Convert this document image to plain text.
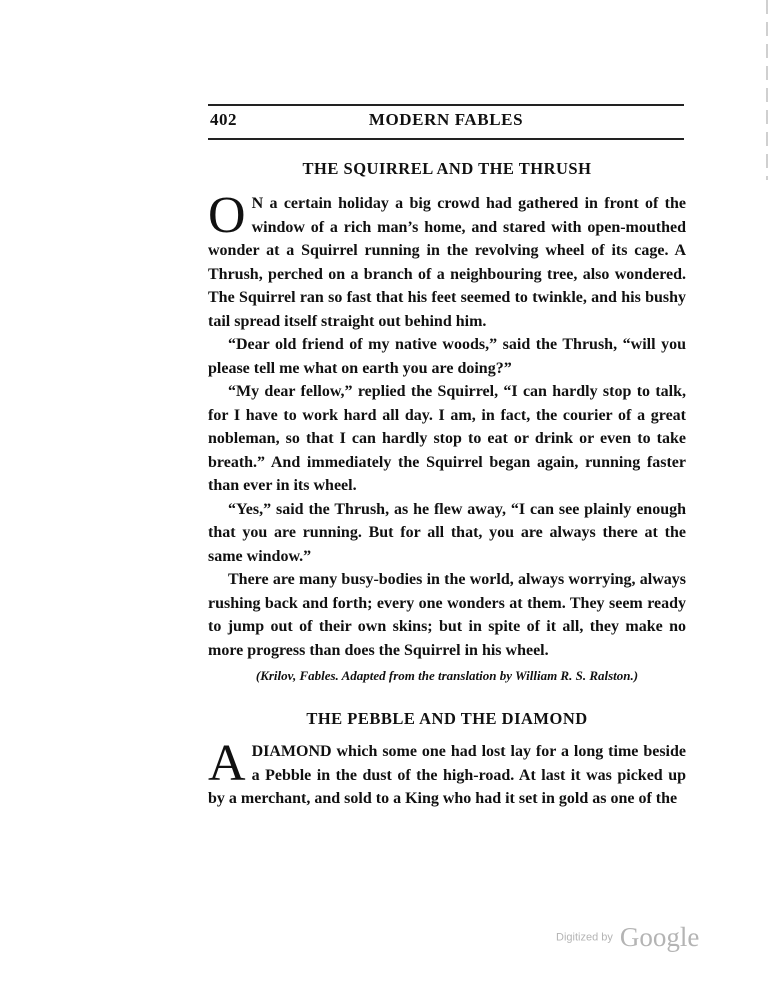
402	MODERN FABLES
THE SQUIRREL AND THE THRUSH

O N a certain holiday a big crowd had gathered in front of the window of a rich man’s home, and stared with open-mouthed wonder at a Squirrel running in the revolving wheel of its cage. A Thrush, perched on a branch of a neighbouring tree, also wondered. The Squirrel ran so fast that his feet seemed to twinkle, and his bushy tail spread itself straight out behind him.

“Dear old friend of my native woods,” said the Thrush, “will you please tell me what on earth you are doing?”

“My dear fellow,” replied the Squirrel, “I can hardly stop to talk, for I have to work hard all day. I am, in fact, the courier of a great nobleman, so that I can hardly stop to eat or drink or even to take breath.” And immediately the Squirrel began again, running faster than ever in its wheel.

“Yes,” said the Thrush, as he flew away, “I can see plainly enough that you are running. But for all that, you are always there at the same window.”

There are many busy-bodies in the world, always worrying, always rushing back and forth; every one wonders at them. They seem ready to jump out of their own skins; but in spite of it all, they make no more progress than does the Squirrel in his wheel.

(Krilov, Fables. Adapted from the translation by William R. S. Ralston.)
THE PEBBLE AND THE DIAMOND

ADIAMOND which some one had lost lay for a long time beside a Pebble in the dust of the high-road. At last it was picked up by a merchant, and sold to a King who had it set in gold as one of the

Digitized by Google
